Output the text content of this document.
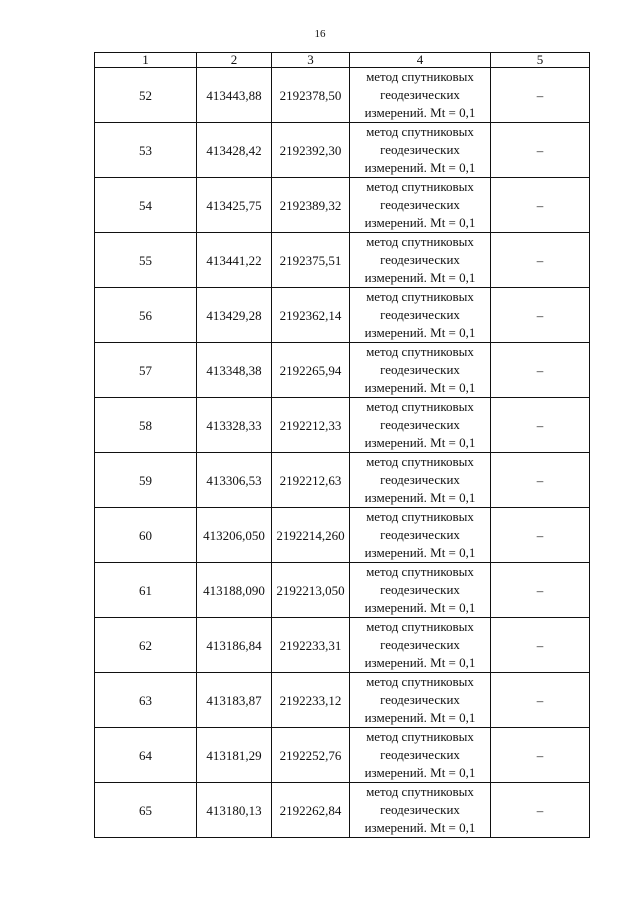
16
1	2	3	4	5
52	413443,88	2192378,50	метод спутниковых
геодезических
измерений. Mt = 0,1	–
53	413428,42	2192392,30	метод спутниковых
геодезических
измерений. Mt = 0,1	–
54	413425,75	2192389,32	метод спутниковых
геодезических
измерений. Mt = 0,1	–
55	413441,22	2192375,51	метод спутниковых
геодезических
измерений. Mt = 0,1	–
56	413429,28	2192362,14	метод спутниковых
геодезических
измерений. Mt = 0,1	–
57	413348,38	2192265,94	метод спутниковых
геодезических
измерений. Mt = 0,1	–
58	413328,33	2192212,33	метод спутниковых
геодезических
измерений. Mt = 0,1	–
59	413306,53	2192212,63	метод спутниковых
геодезических
измерений. Mt = 0,1	–
60	413206,050	2192214,260	метод спутниковых
геодезических
измерений. Mt = 0,1	–
61	413188,090	2192213,050	метод спутниковых
геодезических
измерений. Mt = 0,1	–
62	413186,84	2192233,31	метод спутниковых
геодезических
измерений. Mt = 0,1	–
63	413183,87	2192233,12	метод спутниковых
геодезических
измерений. Mt = 0,1	–
64	413181,29	2192252,76	метод спутниковых
геодезических
измерений. Mt = 0,1	–
65	413180,13	2192262,84	метод спутниковых
геодезических
измерений. Mt = 0,1	–
